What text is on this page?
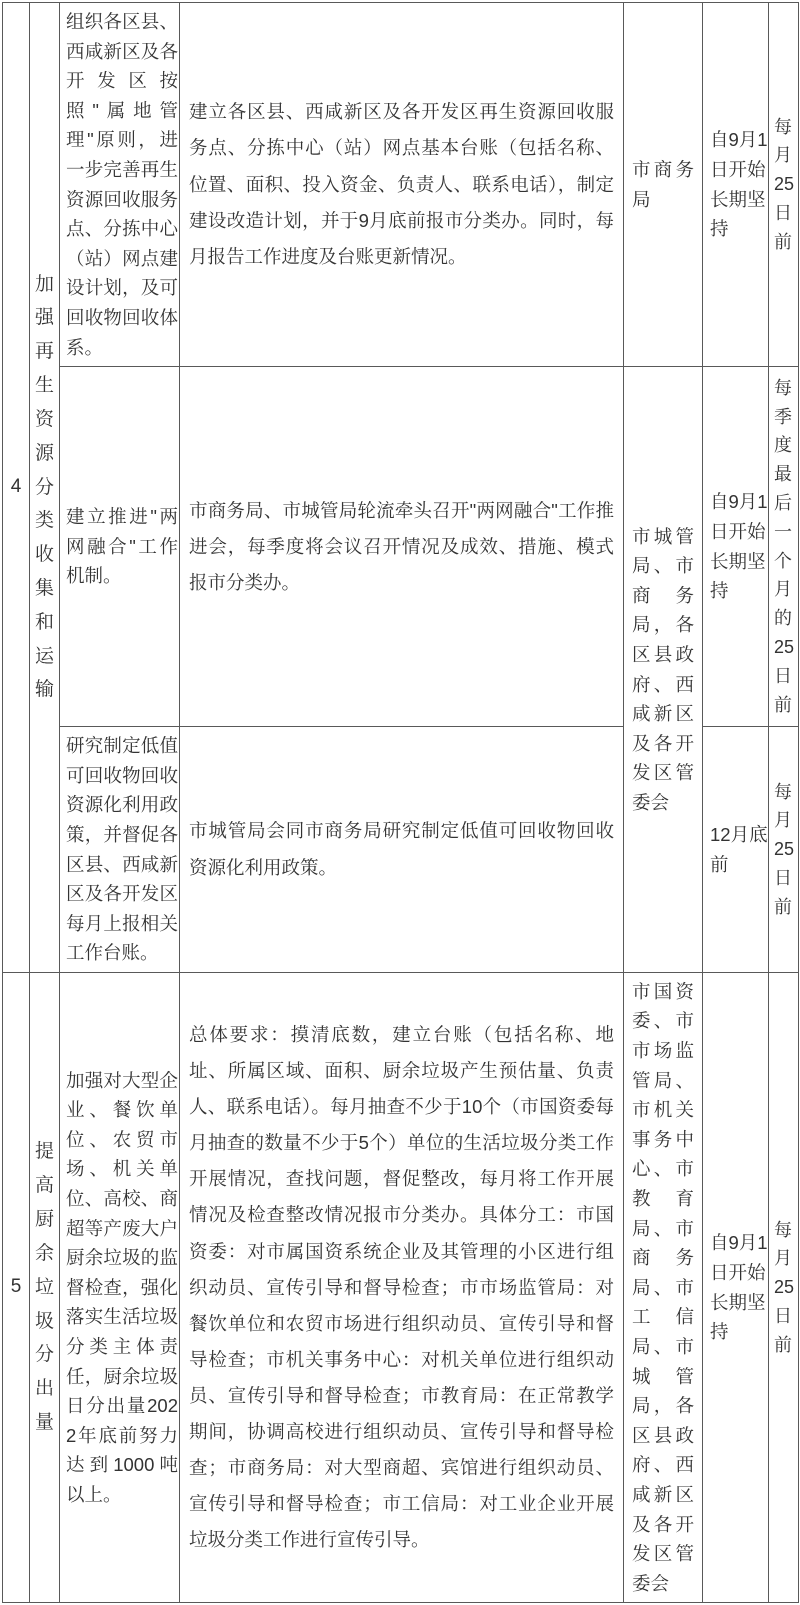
4	加强再生资源分类收集和运输	组织各区县、西咸新区及各开发区按照"属地管理"原则，进一步完善再生资源回收服务点、分拣中心（站）网点建设计划，及可回收物回收体系。	建立各区县、西咸新区及各开发区再生资源回收服务点、分拣中心（站）网点基本台账（包括名称、位置、面积、投入资金、负责人、联系电话），制定建设改造计划，并于9月底前报市分类办。同时，每月报告工作进度及台账更新情况。	市商务局	自9月1日开始长期坚持	每月25日前
		建立推进"两网融合"工作机制。	市商务局、市城管局轮流牵头召开"两网融合"工作推进会，每季度将会议召开情况及成效、措施、模式报市分类办。	市城管局、市商务局，各区县政府、西咸新区及各开发区管委会	自9月1日开始长期坚持	每季度最后一个月的25日前
		研究制定低值可回收物回收资源化利用政策，并督促各区县、西咸新区及各开发区每月上报相关工作台账。	市城管局会同市商务局研究制定低值可回收物回收资源化利用政策。		12月底前	每月25日前
5	提高厨余垃圾分出量	加强对大型企业、餐饮单位、农贸市场、机关单位、高校、商超等产废大户厨余垃圾的监督检查，强化落实生活垃圾分类主体责任，厨余垃圾日分出量2022年底前努力达到1000吨以上。	总体要求：摸清底数，建立台账（包括名称、地址、所属区域、面积、厨余垃圾产生预估量、负责人、联系电话）。每月抽查不少于10个（市国资委每月抽查的数量不少于5个）单位的生活垃圾分类工作开展情况，查找问题，督促整改，每月将工作开展情况及检查整改情况报市分类办。具体分工：市国资委：对市属国资系统企业及其管理的小区进行组织动员、宣传引导和督导检查；市市场监管局：对餐饮单位和农贸市场进行组织动员、宣传引导和督导检查；市机关事务中心：对机关单位进行组织动员、宣传引导和督导检查；市教育局：在正常教学期间，协调高校进行组织动员、宣传引导和督导检查；市商务局：对大型商超、宾馆进行组织动员、宣传引导和督导检查；市工信局：对工业企业开展垃圾分类工作进行宣传引导。	市国资委、市市场监管局、市机关事务中心、市教育局、市商务局、市工信局、市城管局，各区县政府、西咸新区及各开发区管委会	自9月1日开始长期坚持	每月25日前
